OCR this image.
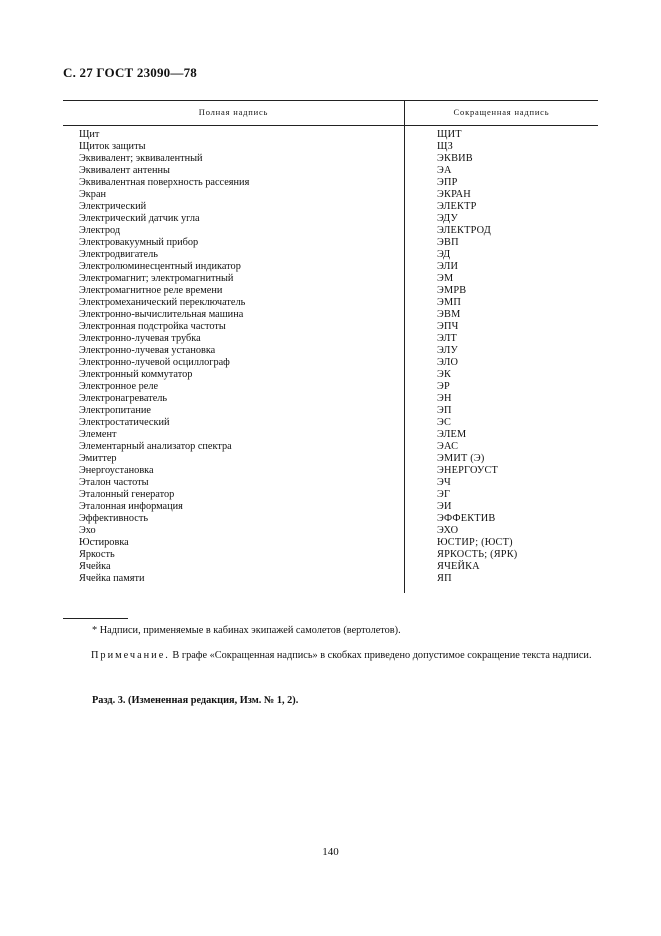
С. 27 ГОСТ 23090—78
Полная надпись	Сокращенная надпись
Щит	ЩИТ
Щиток защиты	ЩЗ
Эквивалент; эквивалентный	ЭКВИВ
Эквивалент антенны	ЭА
Эквивалентная поверхность рассеяния	ЭПР
Экран	ЭКРАН
Электрический	ЭЛЕКТР
Электрический датчик угла	ЭДУ
Электрод	ЭЛЕКТРОД
Электровакуумный прибор	ЭВП
Электродвигатель	ЭД
Электролюминесцентный индикатор	ЭЛИ
Электромагнит; электромагнитный	ЭМ
Электромагнитное реле времени	ЭМРВ
Электромеханический переключатель	ЭМП
Электронно-вычислительная машина	ЭВМ
Электронная подстройка частоты	ЭПЧ
Электронно-лучевая трубка	ЭЛТ
Электронно-лучевая установка	ЭЛУ
Электронно-лучевой осциллограф	ЭЛО
Электронный коммутатор	ЭК
Электронное реле	ЭР
Электронагреватель	ЭН
Электропитание	ЭП
Электростатический	ЭС
Элемент	ЭЛЕМ
Элементарный анализатор спектра	ЭАС
Эмиттер	ЭМИТ (Э)
Энергоустановка	ЭНЕРГОУСТ
Эталон частоты	ЭЧ
Эталонный генератор	ЭГ
Эталонная информация	ЭИ
Эффективность	ЭФФЕКТИВ
Эхо	ЭХО
Юстировка	ЮСТИР; (ЮСТ)
Яркость	ЯРКОСТЬ; (ЯРК)
Ячейка	ЯЧЕЙКА
Ячейка памяти	ЯП
* Надписи, применяемые в кабинах экипажей самолетов (вертолетов).
Примечание. В графе «Сокращенная надпись» в скобках приведено допустимое сокращение текста надписи.
Разд. 3. (Измененная редакция, Изм. № 1, 2).
140
